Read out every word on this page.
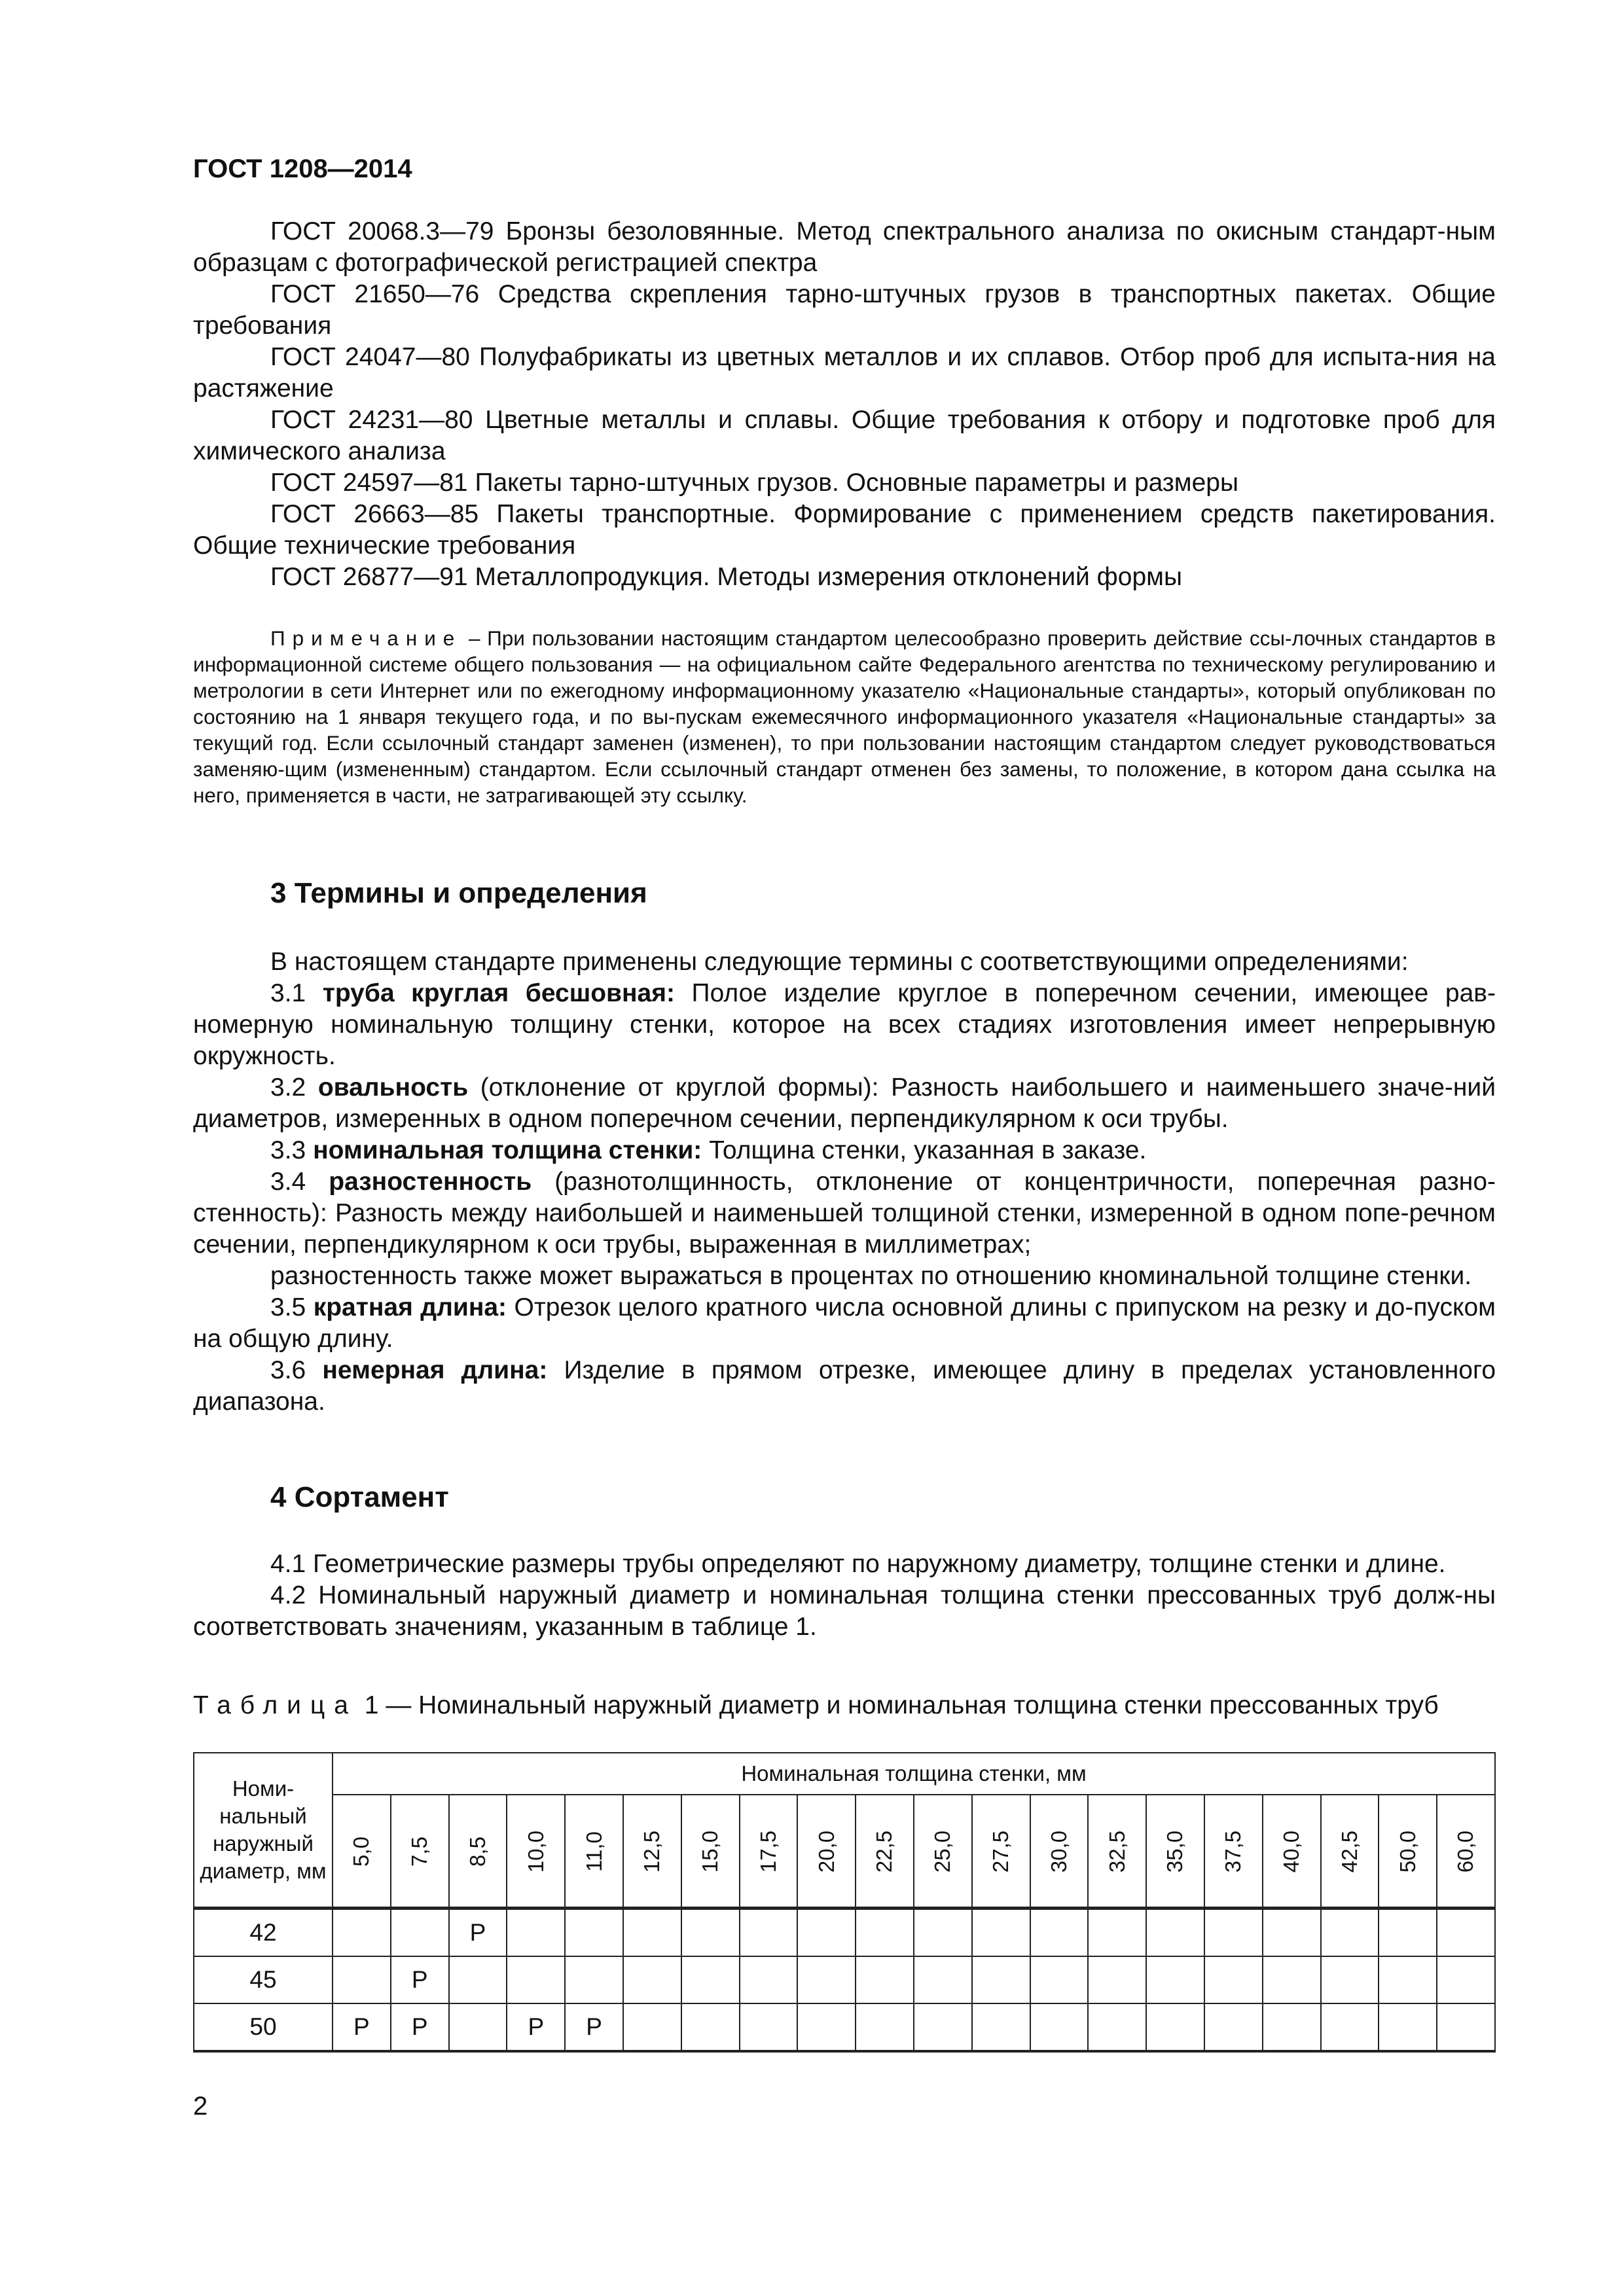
ГОСТ 1208—2014

ГОСТ 20068.3—79 Бронзы безоловянные. Метод спектрального анализа по окисным стандарт-ным образцам с фотографической регистрацией спектра

ГОСТ 21650—76 Средства скрепления тарно-штучных грузов в транспортных пакетах. Общие требования

ГОСТ 24047—80 Полуфабрикаты из цветных металлов и их сплавов. Отбор проб для испыта-ния на растяжение

ГОСТ 24231—80 Цветные металлы и сплавы. Общие требования к отбору и подготовке проб для химического анализа

ГОСТ 24597—81 Пакеты тарно-штучных грузов. Основные параметры и размеры

ГОСТ 26663—85 Пакеты транспортные. Формирование с применением средств пакетирования. Общие технические требования

ГОСТ 26877—91 Металлопродукция. Методы измерения отклонений формы

Примечание – При пользовании настоящим стандартом целесообразно проверить действие ссы-лочных стандартов в информационной системе общего пользования — на официальном сайте Федерального агентства по техническому регулированию и метрологии в сети Интернет или по ежегодному информационному указателю «Национальные стандарты», который опубликован по состоянию на 1 января текущего года, и по вы-пускам ежемесячного информационного указателя «Национальные стандарты» за текущий год. Если ссылочный стандарт заменен (изменен), то при пользовании настоящим стандартом следует руководствоваться заменяю-щим (измененным) стандартом. Если ссылочный стандарт отменен без замены, то положение, в котором дана ссылка на него, применяется в части, не затрагивающей эту ссылку.

3 Термины и определения

В настоящем стандарте применены следующие термины с соответствующими определениями:

3.1 труба круглая бесшовная: Полое изделие круглое в поперечном сечении, имеющее рав-номерную номинальную толщину стенки, которое на всех стадиях изготовления имеет непрерывную окружность.

3.2 овальность (отклонение от круглой формы): Разность наибольшего и наименьшего значе-ний диаметров, измеренных в одном поперечном сечении, перпендикулярном к оси трубы.

3.3 номинальная толщина стенки: Толщина стенки, указанная в заказе.

3.4 разностенность (разнотолщинность, отклонение от концентричности, поперечная разно-стенность): Разность между наибольшей и наименьшей толщиной стенки, измеренной в одном попе-речном сечении, перпендикулярном к оси трубы, выраженная в миллиметрах;

разностенность также может выражаться в процентах по отношению кноминальной толщине стенки.

3.5 кратная длина: Отрезок целого кратного числа основной длины с припуском на резку и до-пуском на общую длину.

3.6 немерная длина: Изделие в прямом отрезке, имеющее длину в пределах установленного диапазона.

4 Сортамент

4.1 Геометрические размеры трубы определяют по наружному диаметру, толщине стенки и длине.

4.2 Номинальный наружный диаметр и номинальная толщина стенки прессованных труб долж-ны соответствовать значениям, указанным в таблице 1.

Таблица 1 — Номинальный наружный диаметр и номинальная толщина стенки прессованных труб

Номи-нальный наружный диаметр, мм	Номинальная толщина стенки, мм																			
	5,0	7,5	8,5	10,0	11,0	12,5	15,0	17,5	20,0	22,5	25,0	27,5	30,0	32,5	35,0	37,5	40,0	42,5	50,0	60,0
42			Р																	
45		Р																		
50	Р	Р		Р	Р															
2
